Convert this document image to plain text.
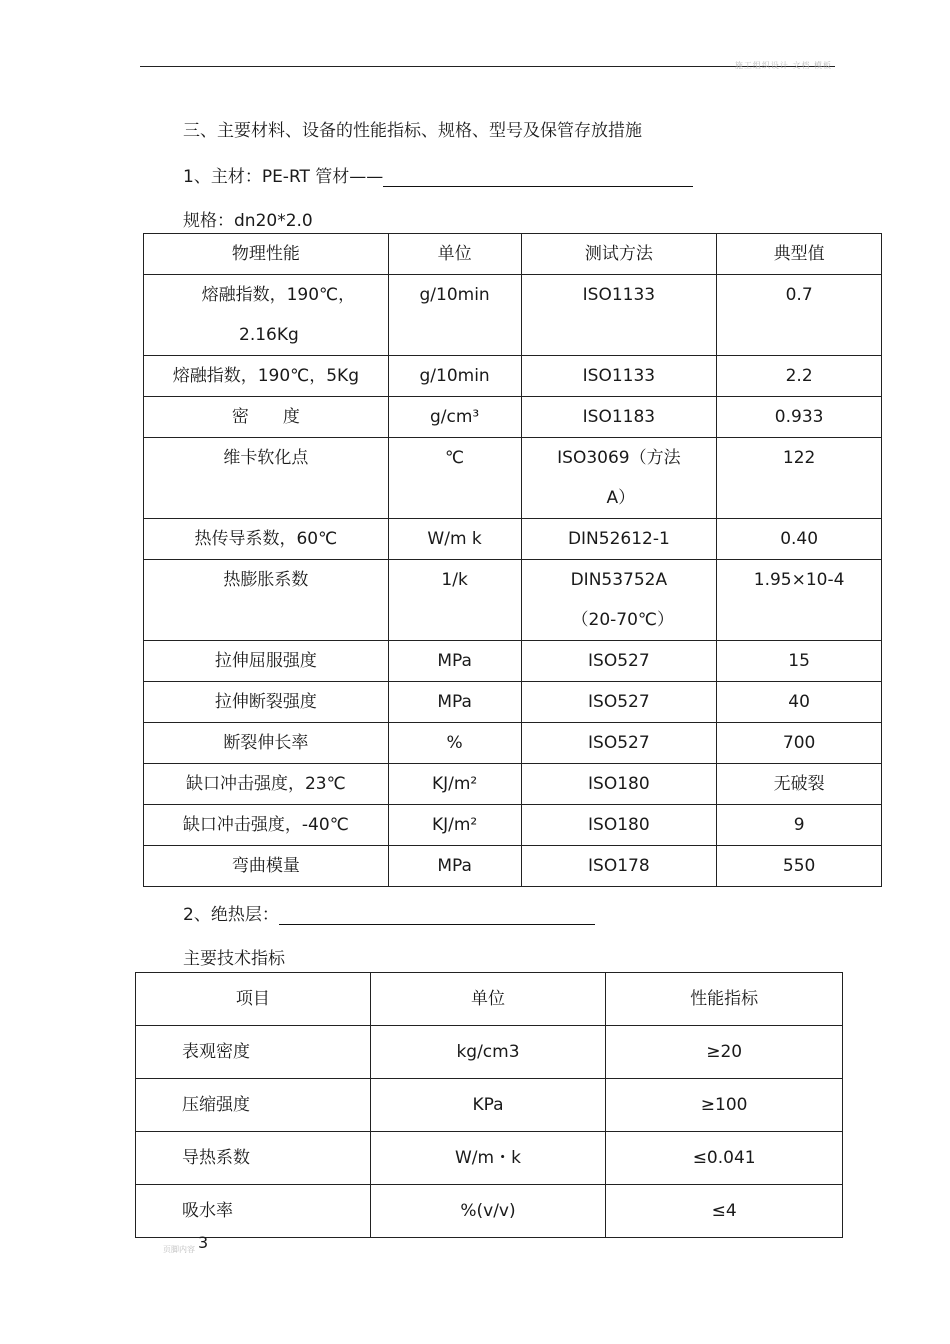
施工组织设计 文档 模板
三、主要材料、设备的性能指标、规格、型号及保管存放措施
1、主材：PE-RT 管材——
规格：dn20*2.0
物理性能	单位	测试方法	典型值

熔融指数，190℃，
2.16Kg	g/10min	ISO1133	0.7
熔融指数，190℃，5Kg	g/10min	ISO1133	2.2
密　　度	g/cm³	ISO1183	0.933
维卡软化点	℃	ISO3069（方法
A）	122
热传导系数，60℃	W/m k	DIN52612-1	0.40
热膨胀系数	1/k	DIN53752A
（20-70℃）	1.95×10-4
拉伸屈服强度	MPa	ISO527	15
拉伸断裂强度	MPa	ISO527	40
断裂伸长率	%	ISO527	700
缺口冲击强度，23℃	KJ/m²	ISO180	无破裂
缺口冲击强度，-40℃	KJ/m²	ISO180	9
弯曲模量	MPa	ISO178	550
2、绝热层：
主要技术指标
项目	单位	性能指标
表观密度	kg/cm3	≥20
压缩强度	KPa	≥100
导热系数	W/m・k	≤0.041
吸水率	%(v/v)	≤4
页脚内容 3
